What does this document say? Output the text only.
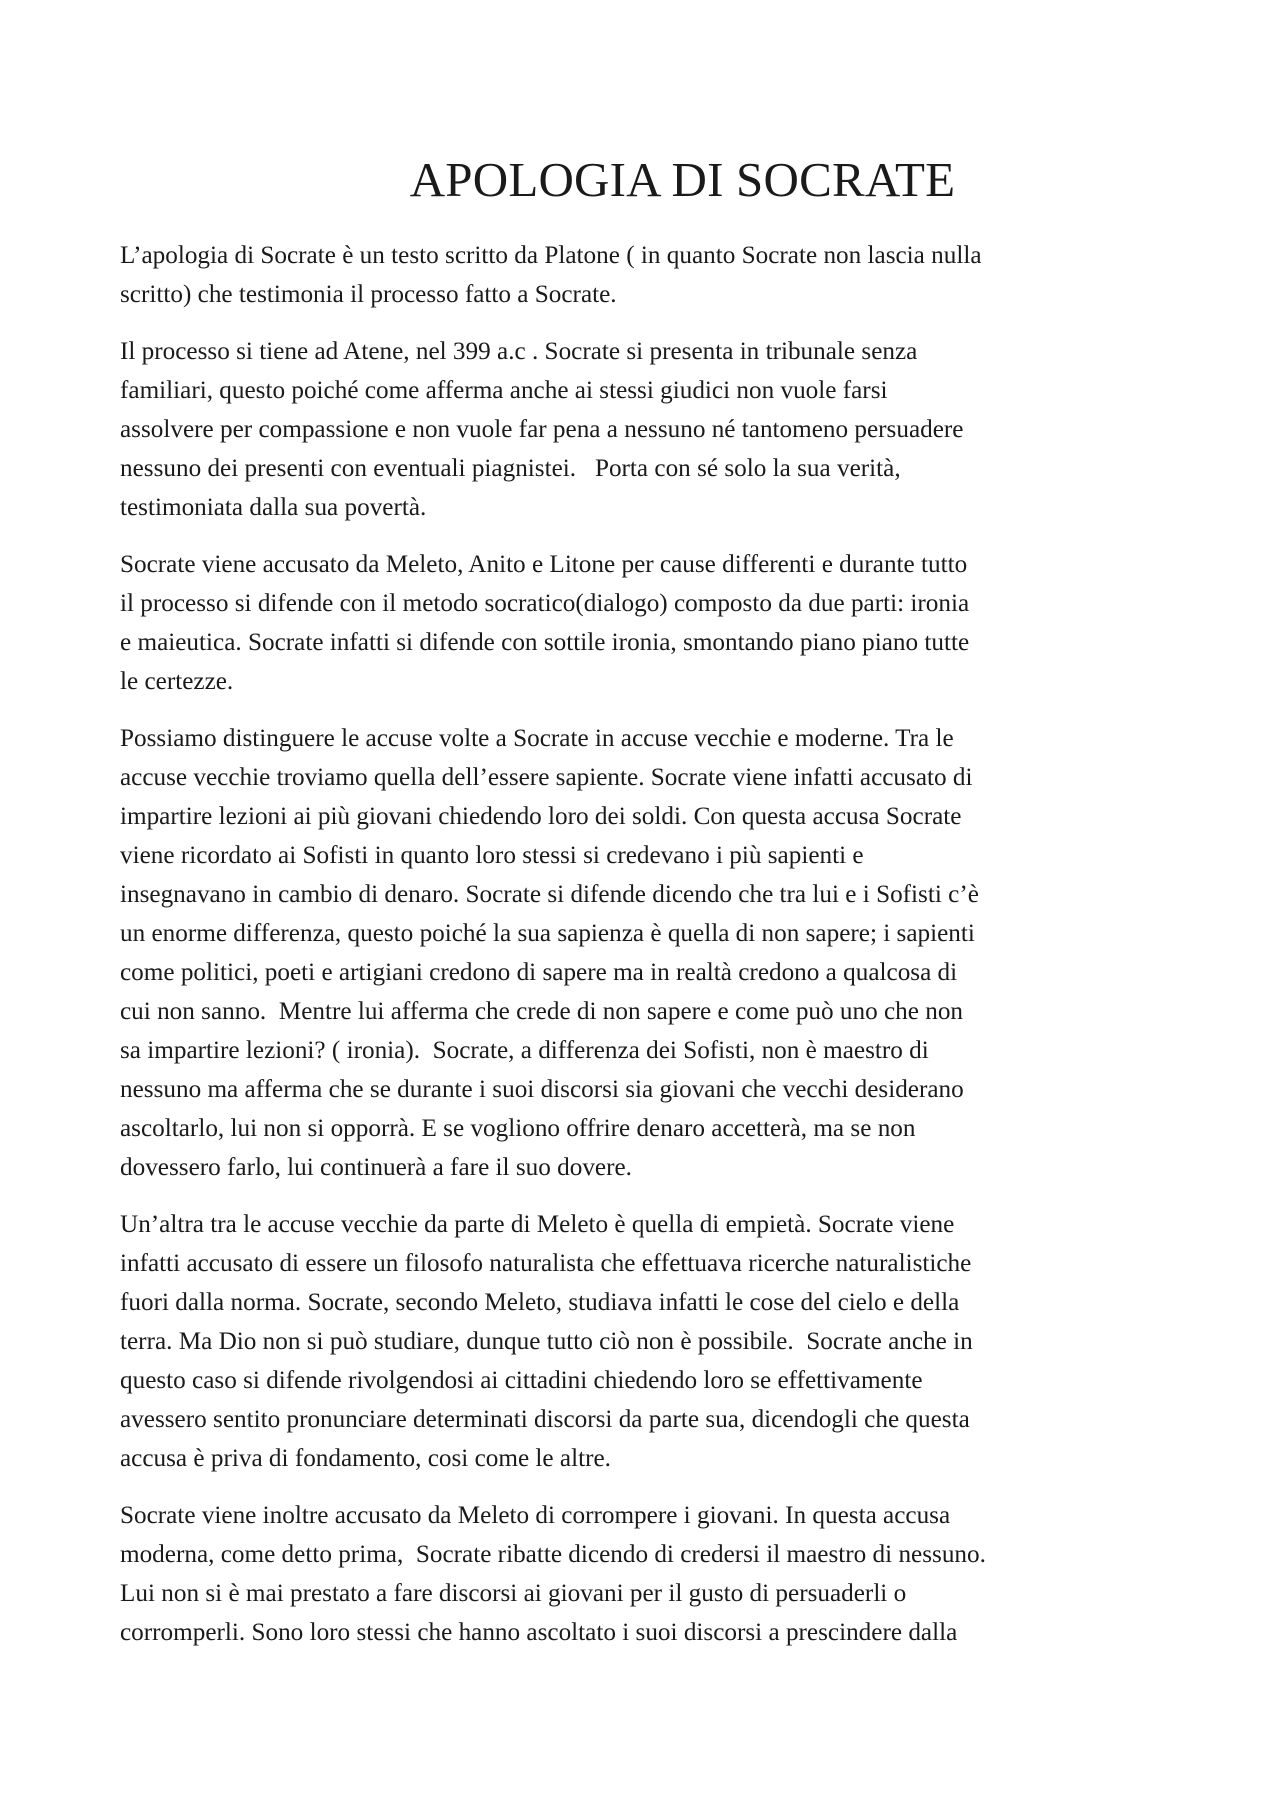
APOLOGIA DI SOCRATE

L’apologia di Socrate è un testo scritto da Platone ( in quanto Socrate non lascia nulla
scritto) che testimonia il processo fatto a Socrate.

Il processo si tiene ad Atene, nel 399 a.c . Socrate si presenta in tribunale senza
familiari, questo poiché come afferma anche ai stessi giudici non vuole farsi
assolvere per compassione e non vuole far pena a nessuno né tantomeno persuadere
nessuno dei presenti con eventuali piagnistei.   Porta con sé solo la sua verità,
testimoniata dalla sua povertà.

Socrate viene accusato da Meleto, Anito e Litone per cause differenti e durante tutto
il processo si difende con il metodo socratico(dialogo) composto da due parti: ironia
e maieutica. Socrate infatti si difende con sottile ironia, smontando piano piano tutte
le certezze.

Possiamo distinguere le accuse volte a Socrate in accuse vecchie e moderne. Tra le
accuse vecchie troviamo quella dell’essere sapiente. Socrate viene infatti accusato di
impartire lezioni ai più giovani chiedendo loro dei soldi. Con questa accusa Socrate
viene ricordato ai Sofisti in quanto loro stessi si credevano i più sapienti e
insegnavano in cambio di denaro. Socrate si difende dicendo che tra lui e i Sofisti c’è
un enorme differenza, questo poiché la sua sapienza è quella di non sapere; i sapienti
come politici, poeti e artigiani credono di sapere ma in realtà credono a qualcosa di
cui non sanno.  Mentre lui afferma che crede di non sapere e come può uno che non
sa impartire lezioni? ( ironia).  Socrate, a differenza dei Sofisti, non è maestro di
nessuno ma afferma che se durante i suoi discorsi sia giovani che vecchi desiderano
ascoltarlo, lui non si opporrà. E se vogliono offrire denaro accetterà, ma se non
dovessero farlo, lui continuerà a fare il suo dovere.

Un’altra tra le accuse vecchie da parte di Meleto è quella di empietà. Socrate viene
infatti accusato di essere un filosofo naturalista che effettuava ricerche naturalistiche
fuori dalla norma. Socrate, secondo Meleto, studiava infatti le cose del cielo e della
terra. Ma Dio non si può studiare, dunque tutto ciò non è possibile.  Socrate anche in
questo caso si difende rivolgendosi ai cittadini chiedendo loro se effettivamente
avessero sentito pronunciare determinati discorsi da parte sua, dicendogli che questa
accusa è priva di fondamento, cosi come le altre.

Socrate viene inoltre accusato da Meleto di corrompere i giovani. In questa accusa
moderna, come detto prima,  Socrate ribatte dicendo di credersi il maestro di nessuno.
Lui non si è mai prestato a fare discorsi ai giovani per il gusto di persuaderli o
corromperli. Sono loro stessi che hanno ascoltato i suoi discorsi a prescindere dalla
